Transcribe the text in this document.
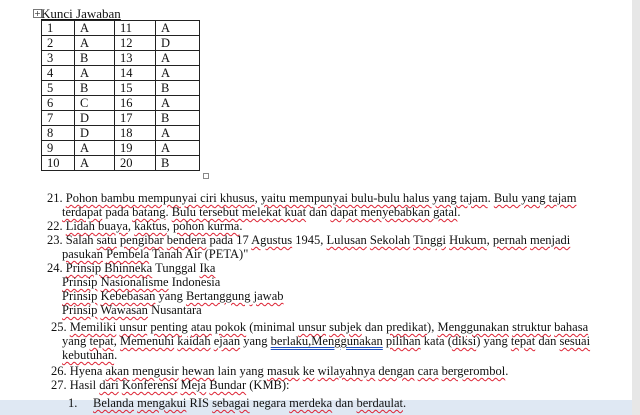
+ Kunci Jawaban
1	A	11	A
2	A	12	D
3	B	13	A
4	A	14	A
5	B	15	B
6	C	16	A
7	D	17	B
8	D	18	A
9	A	19	A
10	A	20	B
21. Pohon bambu mempunyai ciri khusus, yaitu mempunyai bulu-bulu halus yang tajam. Bulu yang tajam
terdapat pada batang. Bulu tersebut melekat kuat dan dapat menyebabkan gatal.
22. Lidah buaya, kaktus, pohon kurma.
23. Salah satu pengibar bendera pada 17 Agustus 1945, Lulusan Sekolah Tinggi Hukum, pernah menjadi
pasukan Pembela Tanah Air (PETA)"
24. Prinsip Bhinneka Tunggal Ika
Prinsip Nasionalisme Indonesia
Prinsip Kebebasan yang Bertanggung jawab
Prinsip Wawasan Nusantara
25. Memiliki unsur penting atau pokok (minimal unsur subjek dan predikat), Menggunakan struktur bahasa
yang tepat, Memenuhi kaidah ejaan yang berlaku,Menggunakan pilihan kata (diksi) yang tepat dan sesuai
kebutuhan.
26. Hyena akan mengusir hewan lain yang masuk ke wilayahnya dengan cara bergerombol.
27. Hasil dari Konferensi Meja Bundar (KMB):
1.     Belanda mengakui RIS sebagai negara merdeka dan berdaulat.
